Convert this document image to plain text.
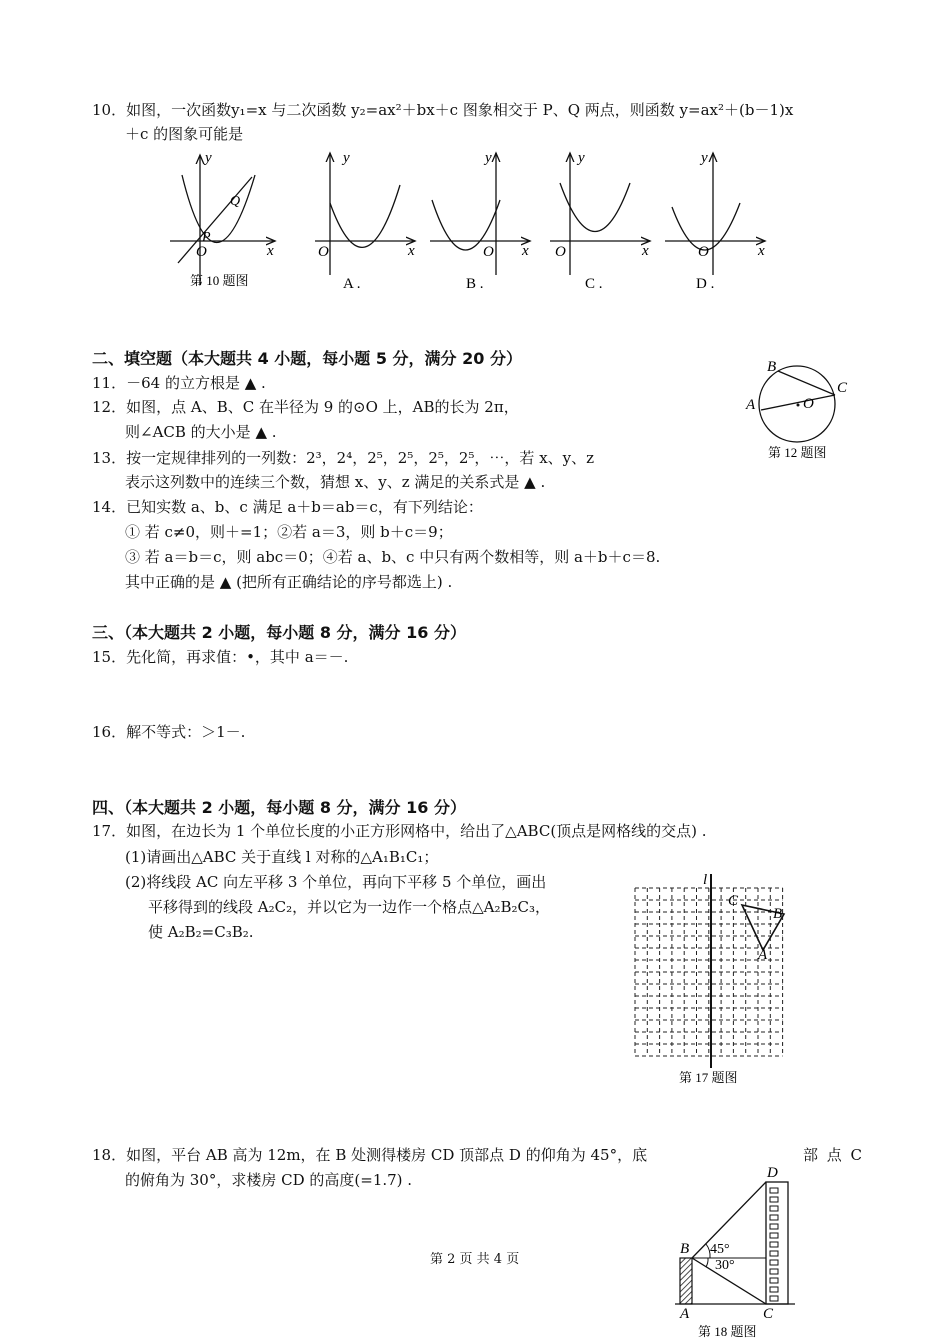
10．如图，一次函数y₁=x 与二次函数 y₂=ax²＋bx＋c 图象相交于 P、Q 两点，则函数 y=ax²＋(b－1)x
＋c 的图象可能是
y
x
O
P
Q
第 10 题图
y
x
O
A .
y
x
O
B .
y
x
O
C .
y
x
O
D .
二、填空题（本大题共 4 小题，每小题 5 分，满分 20 分）
11．－64 的立方根是 ▲ .
12．如图，点 A、B、C 在半径为 9 的⊙O 上，AB的长为 2π，
则∠ACB 的大小是 ▲ .
13．按一定规律排列的一列数：2³，2⁴，2⁵，2⁵，2⁵，2⁵，⋯，若 x、y、z
表示这列数中的连续三个数，猜想 x、y、z 满足的关系式是 ▲ .
14．已知实数 a、b、c 满足 a＋b＝ab＝c，有下列结论：
① 若 c≠0，则＋=1；②若 a＝3，则 b＋c＝9；
③ 若 a＝b＝c，则 abc＝0；④若 a、b、c 中只有两个数相等，则 a＋b＋c＝8.
其中正确的是 ▲ (把所有正确结论的序号都选上) .
B
C
A	O
第 12 题图
三、（本大题共 2 小题，每小题 8 分，满分 16 分）
15．先化简，再求值：•，其中 a＝－.
16．解不等式：＞1－.
四、（本大题共 2 小题，每小题 8 分，满分 16 分）
17．如图，在边长为 1 个单位长度的小正方形网格中，给出了△ABC(顶点是网格线的交点) .
(1)请画出△ABC 关于直线 l 对称的△A₁B₁C₁；
(2)将线段 AC 向左平移 3 个单位，再向下平移 5 个单位，画出
平移得到的线段 A₂C₂，并以它为一边作一个格点△A₂B₂C₃，
使 A₂B₂=C₃B₂.
l
C
B
A
第 17 题图
18．如图，平台 AB 高为 12m，在 B 处测得楼房 CD 顶部点 D 的仰角为 45°，底	部 点 C
的俯角为 30°，求楼房 CD 的高度(=1.7) .	D
B 45°
30°
A	C
第 18 题图
第 2 页 共 4 页
